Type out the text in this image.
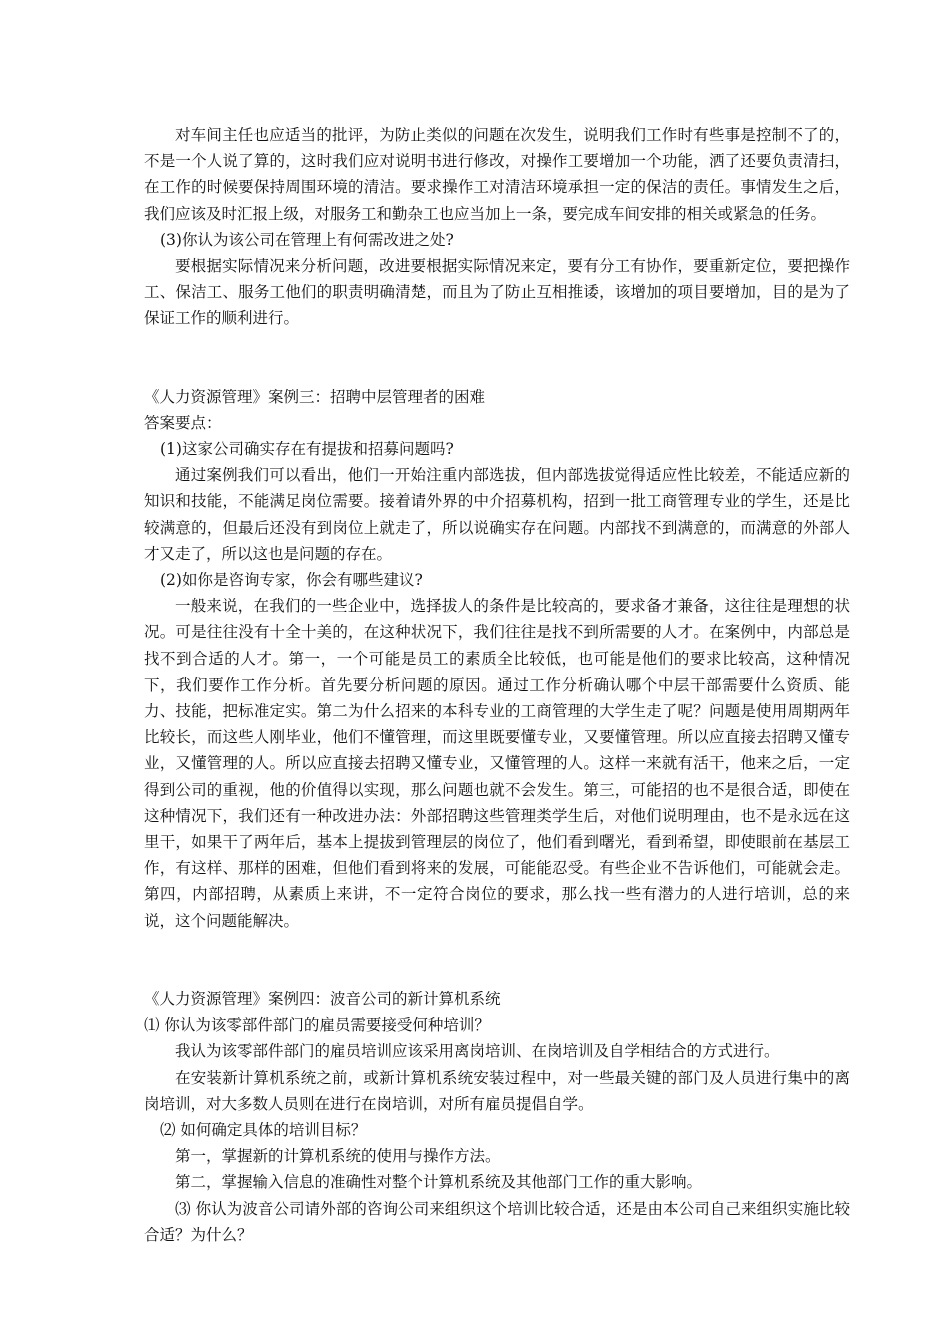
对车间主任也应适当的批评，为防止类似的问题在次发生，说明我们工作时有些事是控制不了的，不是一个人说了算的，这时我们应对说明书进行修改，对操作工要增加一个功能，洒了还要负责清扫，在工作的时候要保持周围环境的清洁。要求操作工对清洁环境承担一定的保洁的责任。事情发生之后，我们应该及时汇报上级，对服务工和勤杂工也应当加上一条，要完成车间安排的相关或紧急的任务。

(3)你认为该公司在管理上有何需改进之处?

要根据实际情况来分析问题，改进要根据实际情况来定，要有分工有协作，要重新定位，要把操作工、保洁工、服务工他们的职责明确清楚，而且为了防止互相推诿，该增加的项目要增加，目的是为了保证工作的顺利进行。

《人力资源管理》案例三：招聘中层管理者的困难

答案要点：

(1)这家公司确实存在有提拔和招募问题吗?

通过案例我们可以看出，他们一开始注重内部选拔，但内部选拔觉得适应性比较差，不能适应新的知识和技能，不能满足岗位需要。接着请外界的中介招募机构，招到一批工商管理专业的学生，还是比较满意的，但最后还没有到岗位上就走了，所以说确实存在问题。内部找不到满意的，而满意的外部人才又走了，所以这也是问题的存在。

(2)如你是咨询专家，你会有哪些建议?

一般来说，在我们的一些企业中，选择拔人的条件是比较高的，要求备才兼备，这往往是理想的状况。可是往往没有十全十美的，在这种状况下，我们往往是找不到所需要的人才。在案例中，内部总是找不到合适的人才。第一，一个可能是员工的素质全比较低，也可能是他们的要求比较高，这种情况下，我们要作工作分析。首先要分析问题的原因。通过工作分析确认哪个中层干部需要什么资质、能力、技能，把标准定实。第二为什么招来的本科专业的工商管理的大学生走了呢？问题是使用周期两年比较长，而这些人刚毕业，他们不懂管理，而这里既要懂专业，又要懂管理。所以应直接去招聘又懂专业，又懂管理的人。所以应直接去招聘又懂专业，又懂管理的人。这样一来就有活干，他来之后，一定得到公司的重视，他的价值得以实现，那么问题也就不会发生。第三，可能招的也不是很合适，即使在这种情况下，我们还有一种改进办法：外部招聘这些管理类学生后，对他们说明理由，也不是永远在这里干，如果干了两年后，基本上提拔到管理层的岗位了，他们看到曙光，看到希望，即使眼前在基层工作，有这样、那样的困难，但他们看到将来的发展，可能能忍受。有些企业不告诉他们，可能就会走。第四，内部招聘，从素质上来讲，不一定符合岗位的要求，那么找一些有潜力的人进行培训，总的来说，这个问题能解决。

《人力资源管理》案例四：波音公司的新计算机系统

⑴ 你认为该零部件部门的雇员需要接受何种培训？

我认为该零部件部门的雇员培训应该采用离岗培训、在岗培训及自学相结合的方式进行。

在安装新计算机系统之前，或新计算机系统安装过程中，对一些最关键的部门及人员进行集中的离岗培训，对大多数人员则在进行在岗培训，对所有雇员提倡自学。

⑵ 如何确定具体的培训目标？

第一，掌握新的计算机系统的使用与操作方法。

第二，掌握输入信息的准确性对整个计算机系统及其他部门工作的重大影响。

⑶ 你认为波音公司请外部的咨询公司来组织这个培训比较合适，还是由本公司自己来组织实施比较合适？为什么？
